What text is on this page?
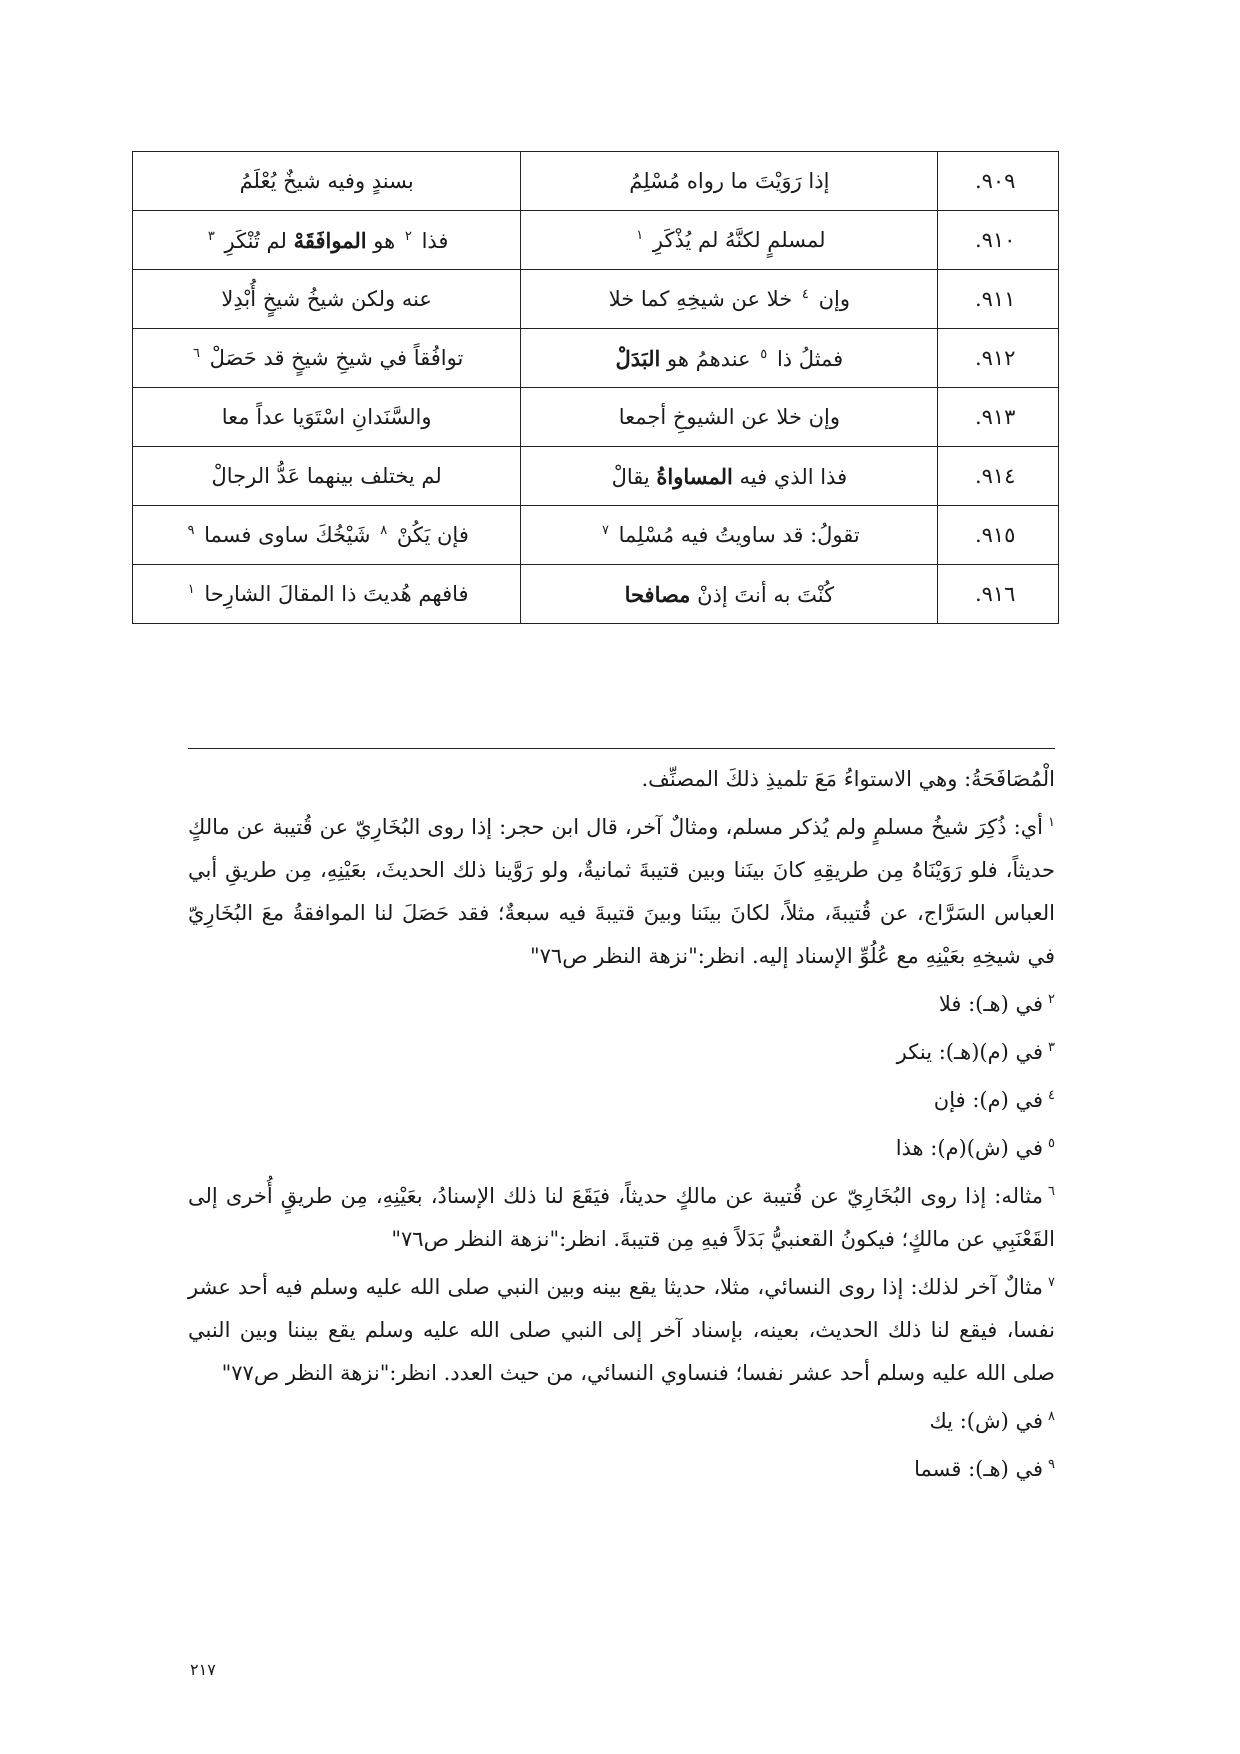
٩٠٩.	إذا رَوَيْتَ ما رواه مُسْلِمُ	بسندٍ وفيه شيخٌ يُعْلَمُ
٩١٠.	لمسلمٍ لكنَّهُ لم يُذْكَرِ $^١$	فذا $^٢$ هو الموافَقَهْ لم تُنْكَرِ $^٣$
٩١١.	وإن $^٤$ خلا عن شيخِهِ كما خلا	عنه ولكن شيخُ شيخٍ أُبْدِلا
٩١٢.	فمثلُ ذا $^٥$ عندهمُ هو البَدَلْ	توافُقاً في شيخِ شيخٍ قد حَصَلْ $^٦$
٩١٣.	وإن خلا عن الشيوخِ أجمعا	والسَّنَدانِ اسْتَوَيا عداً معا
٩١٤.	فذا الذي فيه المساواةُ يقالْ	لم يختلف بينهما عَدُّ الرجالْ
٩١٥.	تقولُ: قد ساويتُ فيه مُسْلِما $^٧$	فإن يَكُنْ $^٨$ شَيْخُكَ ساوى فسما $^٩$
٩١٦.	كُنْتَ به أنتَ إذنْ مصافحا	فافهم هُديتَ ذا المقالَ الشارِحا $^١$

الْمُصَافَحَةُ: وهي الاستواءُ مَعَ تلميذِ ذلكَ المصنِّف.

$^١$أي: ذُكِرَ شيخُ مسلمٍ ولم يُذكر مسلم، ومثالٌ آخر، قال ابن حجر: إذا روى البُخَارِيّ عن قُتيبة عن مالكٍ حديثاً، فلو رَوَيْنَاهُ مِن طريقِهِ كانَ بينَنا وبين قتيبةَ ثمانيةٌ، ولو رَوَّينا ذلك الحديثَ، بعَيْنِهِ، مِن طريقِ أبي العباس السَرَّاج، عن قُتيبةَ، مثلاً، لكانَ بينَنا وبينَ قتيبةَ فيه سبعةٌ؛ فقد حَصَلَ لنا الموافقةُ معَ البُخَارِيّ في شيخِهِ بعَيْنِهِ مع عُلُوِّ الإسناد إليه. انظر:"نزهة النظر ص٧٦"

$^٢$في (هـ): فلا

$^٣$في (م)(هـ): ينكر

$^٤$في (م): فإن

$^٥$في (ش)(م): هذا

$^٦$مثاله: إذا روى البُخَارِيّ عن قُتيبة عن مالكٍ حديثاً، فيَقَعَ لنا ذلك الإسنادُ، بعَيْنِهِ، مِن طريقٍ أُخرى إلى القَعْنَبِي عن مالكٍ؛ فيكونُ القعنبيُّ بَدَلاً فيهِ مِن قتيبةَ. انظر:"نزهة النظر ص٧٦"

$^٧$مثالٌ آخر لذلك: إذا روى النسائي، مثلا، حديثا يقع بينه وبين النبي صلى الله عليه وسلم فيه أحد عشر نفسا، فيقع لنا ذلك الحديث، بعينه، بإسناد آخر إلى النبي صلى الله عليه وسلم يقع بيننا وبين النبي صلى الله عليه وسلم أحد عشر نفسا؛ فنساوي النسائي، من حيث العدد. انظر:"نزهة النظر ص٧٧"

$^٨$في (ش): يك

$^٩$في (هـ): قسما

٢١٧
